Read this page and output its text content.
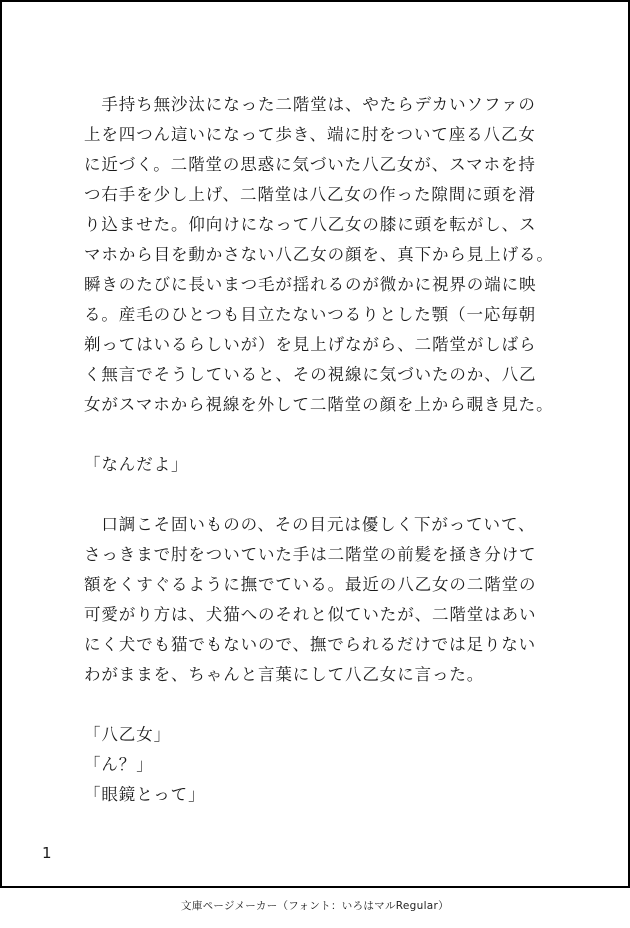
　手持ち無沙汰になった二階堂は、やたらデカいソファの
上を四つん這いになって歩き、端に肘をついて座る八乙女
に近づく。二階堂の思惑に気づいた八乙女が、スマホを持
つ右手を少し上げ、二階堂は八乙女の作った隙間に頭を滑
り込ませた。仰向けになって八乙女の膝に頭を転がし、ス
マホから目を動かさない八乙女の顔を、真下から見上げる。
瞬きのたびに長いまつ毛が揺れるのが微かに視界の端に映
る。産毛のひとつも目立たないつるりとした顎（一応毎朝
剃ってはいるらしいが）を見上げながら、二階堂がしばら
く無言でそうしていると、その視線に気づいたのか、八乙
女がスマホから視線を外して二階堂の顔を上から覗き見た。
「なんだよ」
　口調こそ固いものの、その目元は優しく下がっていて、
さっきまで肘をついていた手は二階堂の前髪を掻き分けて
額をくすぐるように撫でている。最近の八乙女の二階堂の
可愛がり方は、犬猫へのそれと似ていたが、二階堂はあい
にく犬でも猫でもないので、撫でられるだけでは足りない
わがままを、ちゃんと言葉にして八乙女に言った。
「八乙女」
「ん？」
「眼鏡とって」
1
文庫ページメーカー（フォント：いろはマルRegular）
